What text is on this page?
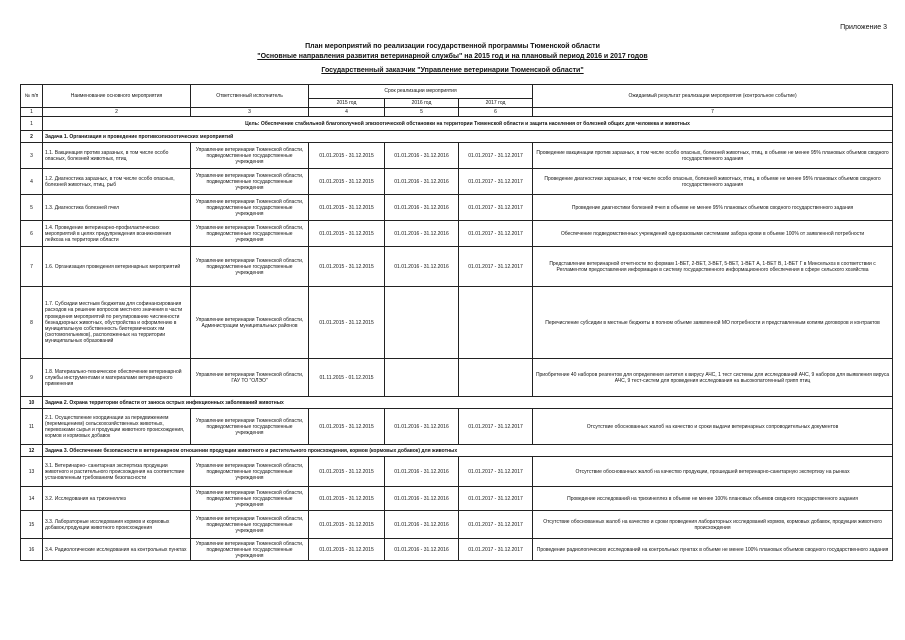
Приложение 3
План мероприятий по реализации государственной программы Тюменской области
"Основные направления развития ветеринарной службы" на 2015 год и на плановый период 2016 и 2017 годов
Государственный заказчик "Управление ветеринарии Тюменской области"
№ п/п	Наименование основного мероприятия	Ответственный исполнитель	Срок реализации мероприятия			Ожидаемый результат реализации мероприятия (контрольное событие)
			2015 год	2016 год	2017 год	
1	2	3	4	5	6	7
1	Цель: Обеспечение стабильной благополучной эпизоотической обстановки на территории Тюменской области и защита населения от болезней общих для человека и животных					
2	Задача 1. Организация и проведение противоэпизоотических мероприятий					
3	1.1. Вакцинация против заразных, в том числе особо опасных, болезней животных, птиц	Управление ветеринарии Тюменской области, подведомственные государственные учреждения	01.01.2015 - 31.12.2015	01.01.2016 - 31.12.2016	01.01.2017 - 31.12.2017	Проведение вакцинации против заразных, в том числе особо опасных, болезней животных, птиц, в объеме не менее 95% плановых объемов сводного государственного задания
4	1.2. Диагностика заразных, в том числе особо опасных, болезней животных, птиц, рыб	Управление ветеринарии Тюменской области, подведомственные государственные учреждения	01.01.2015 - 31.12.2015	01.01.2016 - 31.12.2016	01.01.2017 - 31.12.2017	Проведение диагностики заразных, в том числе особо опасных, болезней животных, птиц, в объеме не менее 95% плановых объемов сводного государственного задания
5	1.3. Диагностика болезней пчел	Управление ветеринарии Тюменской области, подведомственные государственные учреждения	01.01.2015 - 31.12.2015	01.01.2016 - 31.12.2016	01.01.2017 - 31.12.2017	Проведение диагностики болезней пчел в объеме не менее 95% плановых объемов сводного государственного задания
6	1.4. Проведение ветеринарно-профилактических мероприятий в целях предупреждения возникновения лейкоза на территории области	Управление ветеринарии Тюменской области, подведомственные государственные учреждения	01.01.2015 - 31.12.2015	01.01.2016 - 31.12.2016	01.01.2017 - 31.12.2017	Обеспечение подведомственных учреждений одноразовыми системами забора крови в объеме 100% от заявленной потребности
7	1.6. Организация проведения ветеринарных мероприятий	Управление ветеринарии Тюменской области, подведомственные государственные учреждения	01.01.2015 - 31.12.2015	01.01.2016 - 31.12.2016	01.01.2017 - 31.12.2017	Представление ветеринарной отчетности по формам 1-ВЕТ, 2-ВЕТ, 3-ВЕТ, 5-ВЕТ, 1-ВЕТ А, 1-ВЕТ В, 1-ВЕТ Г в Минсельхоз в соответствии с Регламентом предоставления информации в систему государственного информационного обеспечения в сфере сельского хозяйства
8	1.7. Субсидии местным бюджетам для софинансирования расходов на решение вопросов местного значения в части проведения мероприятий по регулированию численности безнадзорных животных, обустройства и оформлению в муниципальную собственность биотермических ям (скотомогильников), расположенных на территории муниципальных образований	Управление ветеринарии Тюменской области, Администрации муниципальных районов	01.01.2015 - 31.12.2015			Перечисление субсидии в местные бюджеты в полном объеме заявленной МО потребности и представленным копиям договоров и контрактов
9	1.8. Материально-техническое обеспечение ветеринарной службы инструментами и материалами ветеринарного применения	Управление ветеринарии Тюменской области, ГАУ ТО "ОЛЭО"	01.11.2015 - 01.12.2015			Приобретение 40 наборов реагентов для определения антител к вирусу АЧС, 1 тест системы для исследований АЧС, 9 наборов для выявления вируса АЧС, 9 тест-систем для проведения исследования на высокопатогенный грипп птиц
10	Задача 2. Охрана территории области от заноса острых инфекционных заболеваний животных					
11	2.1. Осуществление координации за передвижением (перемещением) сельскохозяйственных животных, перевозками сырья и продукции животного происхождения, кормов и кормовых добавок	Управление ветеринарии Тюменской области, подведомственные государственные учреждения	01.01.2015 - 31.12.2015	01.01.2016 - 31.12.2016	01.01.2017 - 31.12.2017	Отсутствие обоснованных жалоб на качество и сроки выдачи ветеринарных сопроводительных документов
12	Задача 3. Обеспечение безопасности в ветеринарном отношении продукции животного и растительного происхождения, кормов (кормовых добавок) для животных					
13	3.1. Ветеринарно- санитарная экспертиза продукции животного и растительного происхождения на соответствие установленным требованиям безопасности	Управление ветеринарии Тюменской области, подведомственные государственные учреждения	01.01.2015 - 31.12.2015	01.01.2016 - 31.12.2016	01.01.2017 - 31.12.2017	Отсутствие обоснованных жалоб на качество продукции, прошедшей ветеринарно-санитарную экспертизу на рынках
14	3.2. Исследования на трихинеллез	Управление ветеринарии Тюменской области, подведомственные государственные учреждения	01.01.2015 - 31.12.2015	01.01.2016 - 31.12.2016	01.01.2017 - 31.12.2017	Проведение исследований на трихинеллез в объеме не менее 100% плановых объемов сводного государственного задания
15	3.3. Лабораторные исследования кормов и кормовых добавок,продукции животного происхождения	Управление ветеринарии Тюменской области, подведомственные государственные учреждения	01.01.2015 - 31.12.2015	01.01.2016 - 31.12.2016	01.01.2017 - 31.12.2017	Отсутствие обоснованных жалоб на качество и сроки проведения лабораторных исследований кормов, кормовых добавок, продукции животного происхождения
16	3.4. Радиологические исследования на контрольных пунктах	Управление ветеринарии Тюменской области, подведомственные государственные учреждения	01.01.2015 - 31.12.2015	01.01.2016 - 31.12.2016	01.01.2017 - 31.12.2017	Проведение радиологических исследований на контрольных пунктах в объеме не менее 100% плановых объемов сводного государственного задания
